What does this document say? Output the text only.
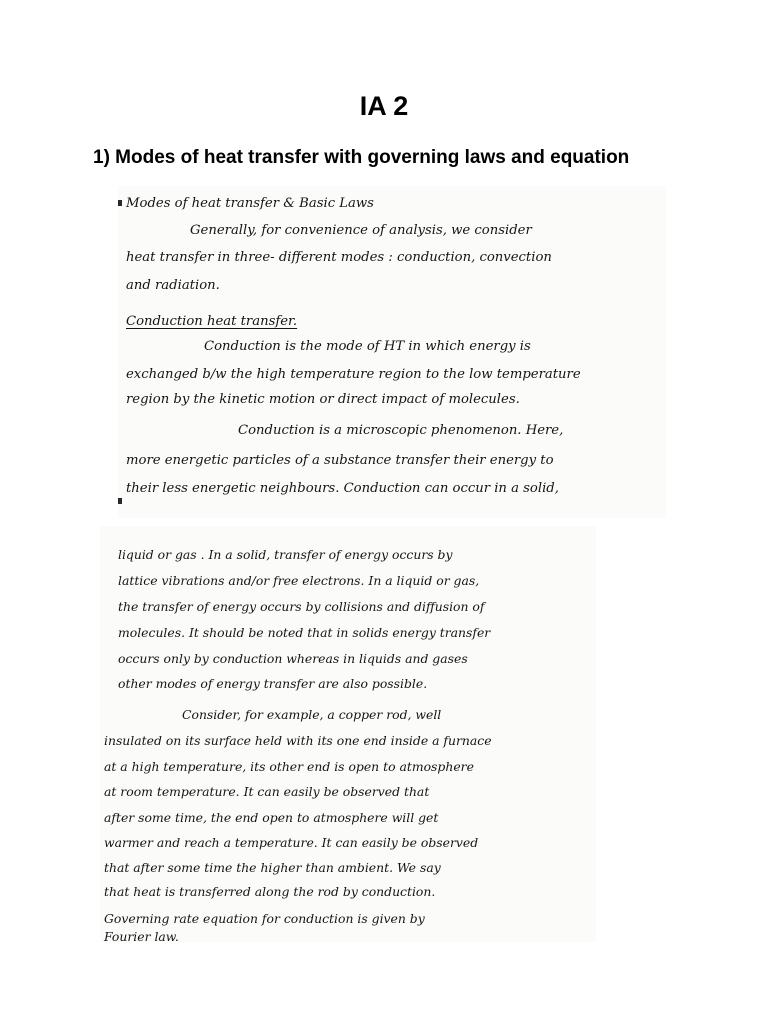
IA 2
1) Modes of heat transfer with governing laws and equation
Modes of heat transfer & Basic Laws
Generally, for convenience of analysis, we consider
heat transfer in three- different modes : conduction, convection
and radiation.
Conduction heat transfer.
Conduction is the mode of HT in which energy is
exchanged b/w the high temperature region to the low temperature
region by the kinetic motion or direct impact of molecules.
Conduction is a microscopic phenomenon. Here,
more energetic particles of a substance transfer their energy to
their less energetic neighbours. Conduction can occur in a solid,
liquid or gas . In a solid, transfer of energy occurs by
lattice vibrations and/or free electrons. In a liquid or gas,
the transfer of energy occurs by collisions and diffusion of
molecules. It should be noted that in solids energy transfer
occurs only by conduction whereas in liquids and gases
other modes of energy transfer are also possible.
Consider, for example, a copper rod, well
insulated on its surface held with its one end inside a furnace
at a high temperature, its other end is open to atmosphere
at room temperature. It can easily be observed that
after some time, the end open to atmosphere will get
warmer and reach a temperature. It can easily be observed
that after some time the higher than ambient. We say
that heat is transferred along the rod by conduction.
Governing rate equation for conduction is given by
Fourier law.
